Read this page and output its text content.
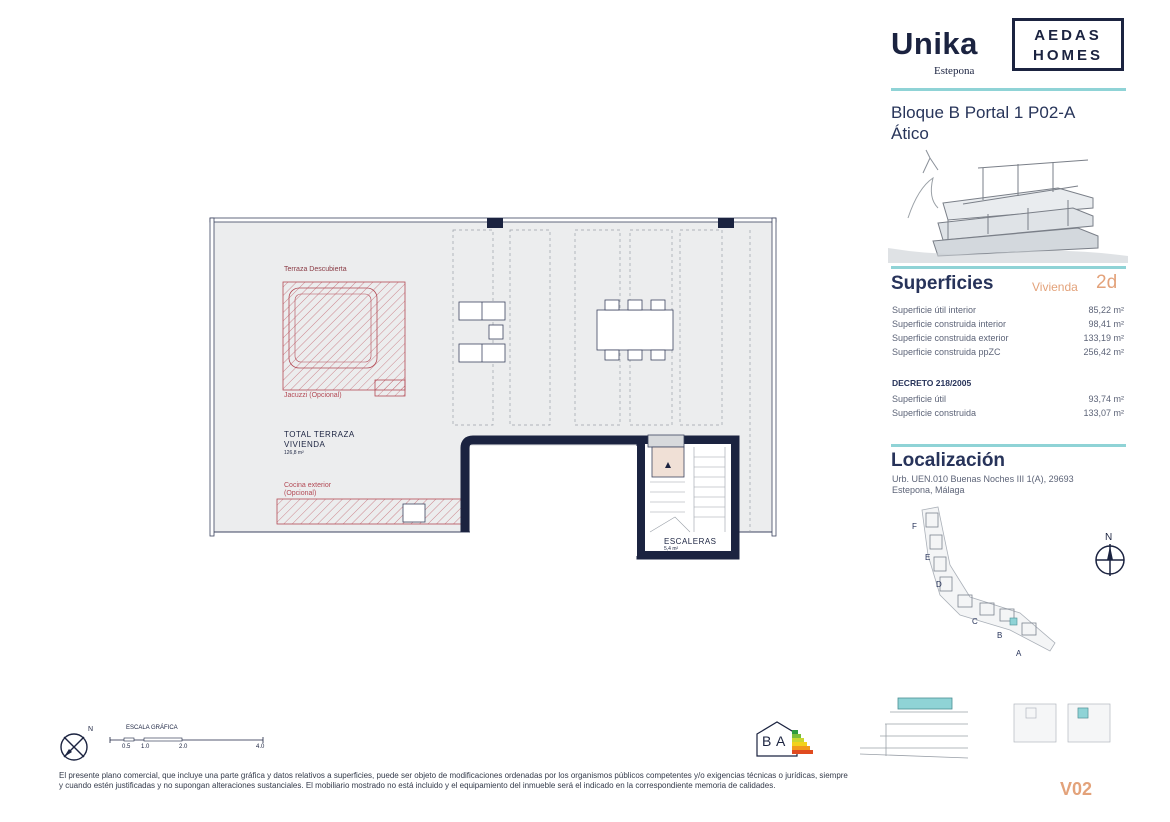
Unika
Estepona
AEDAS
HOMES
Bloque B Portal 1 P02-A
Ático
Superficies	Vivienda 2d
Superficie útil interior	85,22 m²
Superficie construida interior	98,41 m²
Superficie construida exterior	133,19 m²
Superficie construida ppZC	256,42 m²
DECRETO 218/2005
Superficie útil	93,74 m²
Superficie construida	133,07 m²
Localización
Urb. UEN.010 Buenas Noches III 1(A), 29693
Estepona, Málaga
F
E
D
C
B
A
N
V02
Terraza Descubierta
Jacuzzi (Opcional)
TOTAL TERRAZA
VIVIENDA
126,8 m²
Cocina exterior
(Opcional)
ESCALERAS
5,4 m²
N	ESCALA GRÁFICA
0.5 1.0	2.0	4.0	B A
El presente plano comercial, que incluye una parte gráfica y datos relativos a superficies, puede ser objeto de modificaciones ordenadas por los organismos públicos competentes y/o exigencias técnicas o jurídicas, siempre y cuando estén justificadas y no supongan alteraciones sustanciales. El mobiliario mostrado no está incluido y el equipamiento del inmueble será el indicado en la correspondiente memoria de calidades.
